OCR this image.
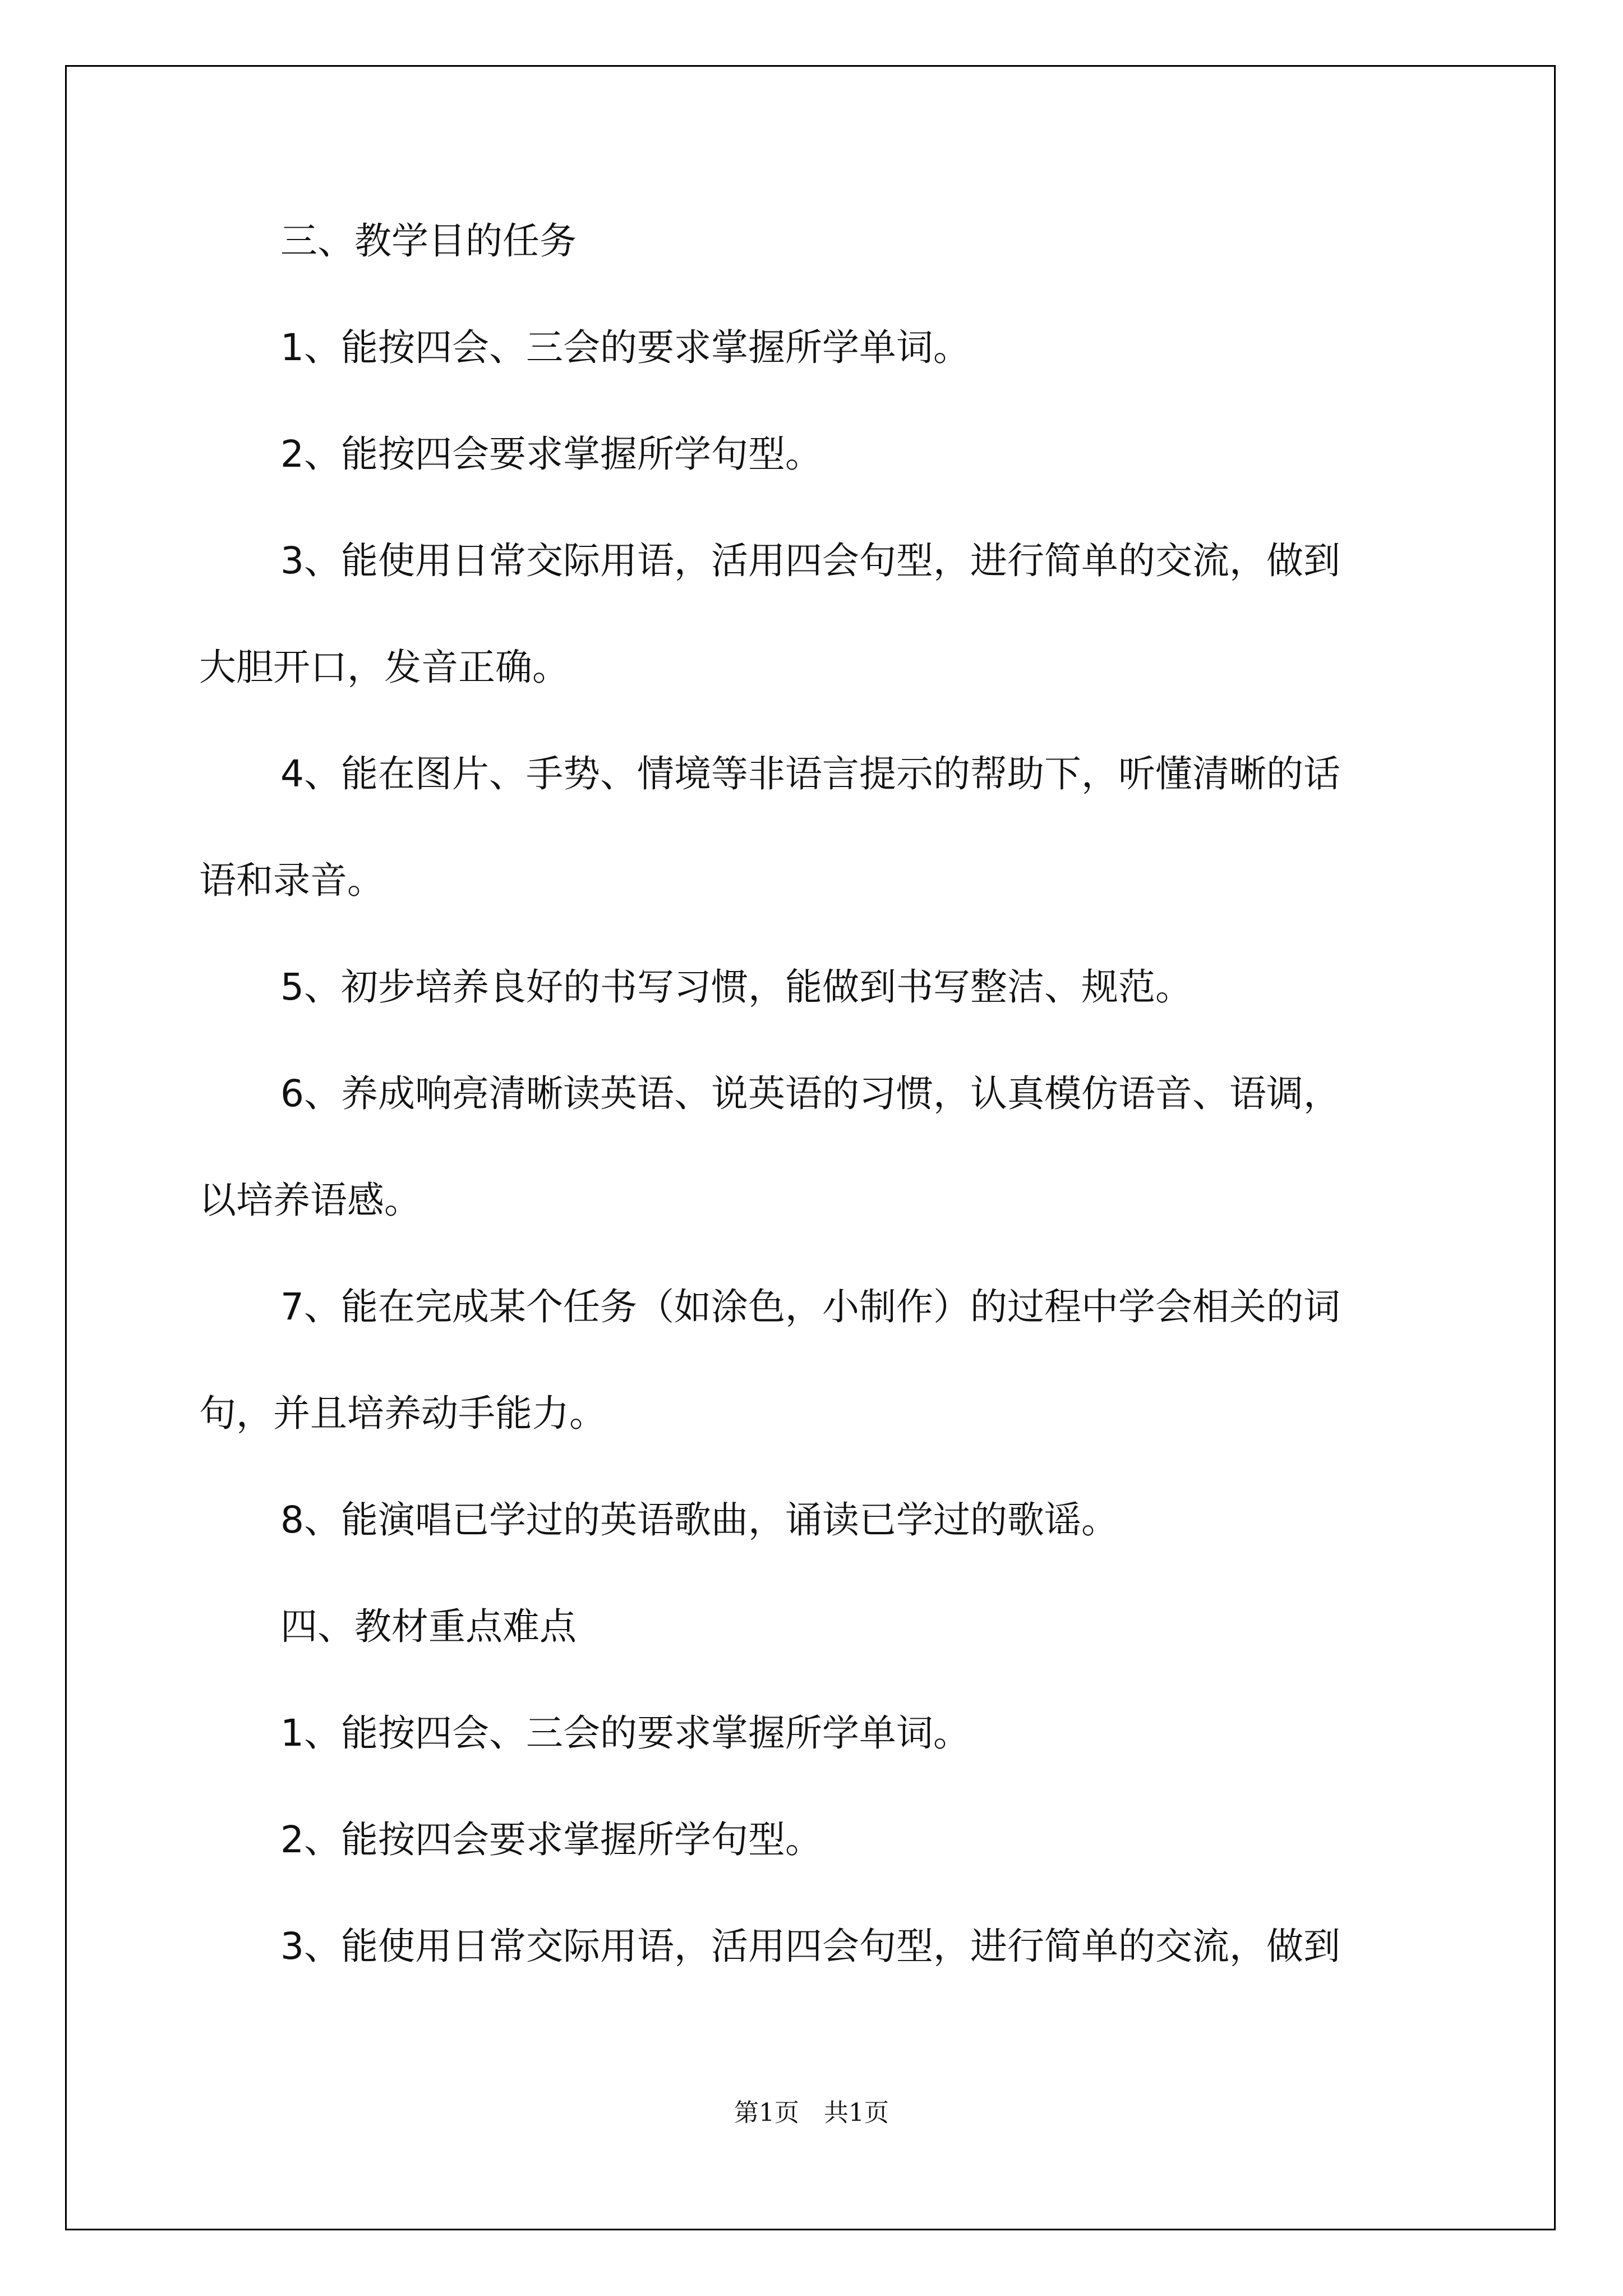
三、教学目的任务
1、能按四会、三会的要求掌握所学单词。
2、能按四会要求掌握所学句型。
3、能使用日常交际用语，活用四会句型，进行简单的交流，做到
大胆开口，发音正确。
4、能在图片、手势、情境等非语言提示的帮助下，听懂清晰的话
语和录音。
5、初步培养良好的书写习惯，能做到书写整洁、规范。
6、养成响亮清晰读英语、说英语的习惯，认真模仿语音、语调，
以培养语感。
7、能在完成某个任务（如涂色，小制作）的过程中学会相关的词
句，并且培养动手能力。
8、能演唱已学过的英语歌曲，诵读已学过的歌谣。
四、教材重点难点
1、能按四会、三会的要求掌握所学单词。
2、能按四会要求掌握所学句型。
3、能使用日常交际用语，活用四会句型，进行简单的交流，做到
第1页　共1页
